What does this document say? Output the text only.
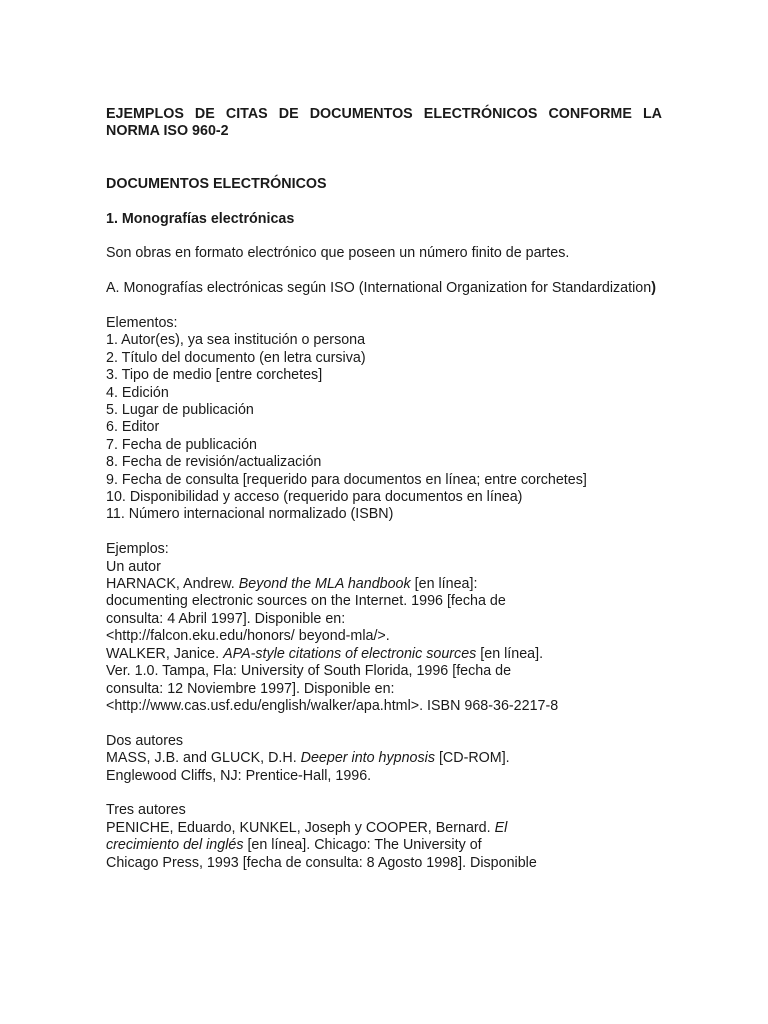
EJEMPLOS DE CITAS DE DOCUMENTOS ELECTRÓNICOS CONFORME LA NORMA ISO 960-2

DOCUMENTOS ELECTRÓNICOS

1. Monografías electrónicas

Son obras en formato electrónico que poseen un número finito de partes.

A. Monografías electrónicas según ISO (International Organization for Standardization)

Elementos:

1. Autor(es), ya sea institución o persona
2. Título del documento (en letra cursiva)
3. Tipo de medio [entre corchetes]
4. Edición
5. Lugar de publicación
6. Editor
7. Fecha de publicación
8. Fecha de revisión/actualización
9. Fecha de consulta [requerido para documentos en línea; entre corchetes]
10. Disponibilidad y acceso (requerido para documentos en línea)
11. Número internacional normalizado (ISBN)

Ejemplos:

Un autor

HARNACK, Andrew. Beyond the MLA handbook [en línea]:
documenting electronic sources on the Internet. 1996 [fecha de
consulta: 4 Abril 1997]. Disponible en:
<http://falcon.eku.edu/honors/ beyond-mla/>.

WALKER, Janice. APA-style citations of electronic sources [en línea].
Ver. 1.0. Tampa, Fla: University of South Florida, 1996 [fecha de
consulta: 12 Noviembre 1997]. Disponible en:
<http://www.cas.usf.edu/english/walker/apa.html>. ISBN 968-36-2217-8

Dos autores

MASS, J.B. and GLUCK, D.H. Deeper into hypnosis [CD-ROM].
Englewood Cliffs, NJ: Prentice-Hall, 1996.

Tres autores

PENICHE, Eduardo, KUNKEL, Joseph y COOPER, Bernard. El
crecimiento del inglés [en línea]. Chicago: The University of
Chicago Press, 1993 [fecha de consulta: 8 Agosto 1998]. Disponible
